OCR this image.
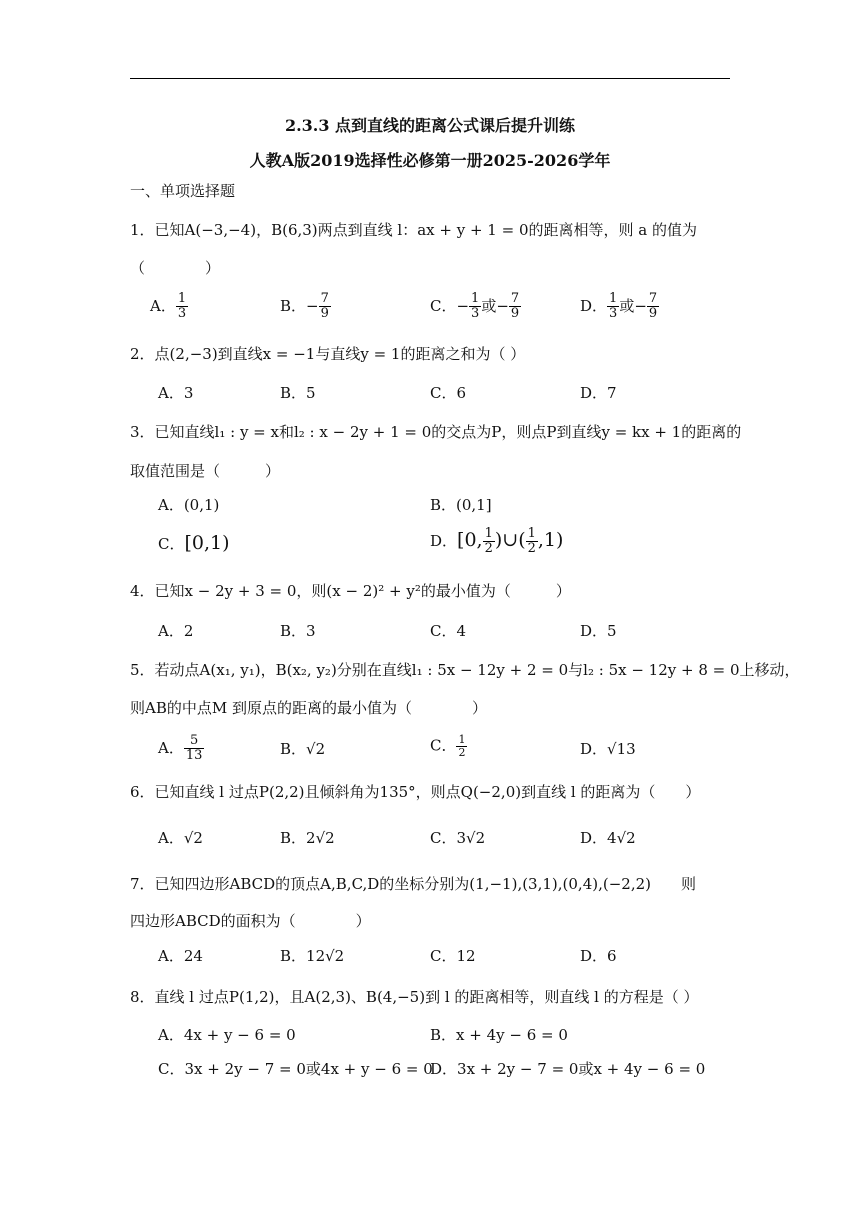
2.3.3 点到直线的距离公式课后提升训练
人教A版2019选择性必修第一册2025-2026学年
一、单项选择题
1．已知A(−3,−4)，B(6,3)两点到直线 l：ax + y + 1 = 0的距离相等，则 a 的值为
（　　　　）
A． $\frac{1}{3}$	B．− $\frac{7}{9}$	C．− $\frac{1}{3}$ 或− $\frac{7}{9}$	D． $\frac{1}{3}$ 或− $\frac{7}{9}$
2．点(2,−3)到直线x = −1与直线y = 1的距离之和为（ ）
A．3	B．5	C．6	D．7
3．已知直线l₁ : y = x和l₂ : x − 2y + 1 = 0的交点为P，则点P到直线y = kx + 1的距离的
取值范围是（　　　）
A．(0,1)	B．(0,1]
C．[0,1)	D．[0, $\frac{1}{2}$ )∪( $\frac{1}{2} ,1$)
4．已知x − 2y + 3 = 0，则(x − 2)² + y²的最小值为（　　　）
A．2	B．3	C．4	D．5
5．若动点A(x₁, y₁)，B(x₂, y₂)分别在直线l₁ : 5x − 12y + 2 = 0与l₂ : 5x − 12y + 8 = 0上移动，
则AB的中点M 到原点的距离的最小值为（　　　　）
A． $\frac{5}{13}$	B．√2	C． $\frac{1}{2}$	D．√13
6．已知直线 l 过点P(2,2)且倾斜角为135°，则点Q(−2,0)到直线 l 的距离为（　　）
A．√2	B．2√2	C．3√2	D．4√2
7．已知四边形ABCD的顶点A,B,C,D的坐标分别为(1,−1),(3,1),(0,4),(−2,2)　　则
四边形ABCD的面积为（　　　　）
A．24	B．12√2	C．12	D．6
8．直线 l 过点P(1,2)，且A(2,3)、B(4,−5)到 l 的距离相等，则直线 l 的方程是（ ）
A．4x + y − 6 = 0	B．x + 4y − 6 = 0
C．3x + 2y − 7 = 0或4x + y − 6 = 0
D．3x + 2y − 7 = 0或x + 4y − 6 = 0
